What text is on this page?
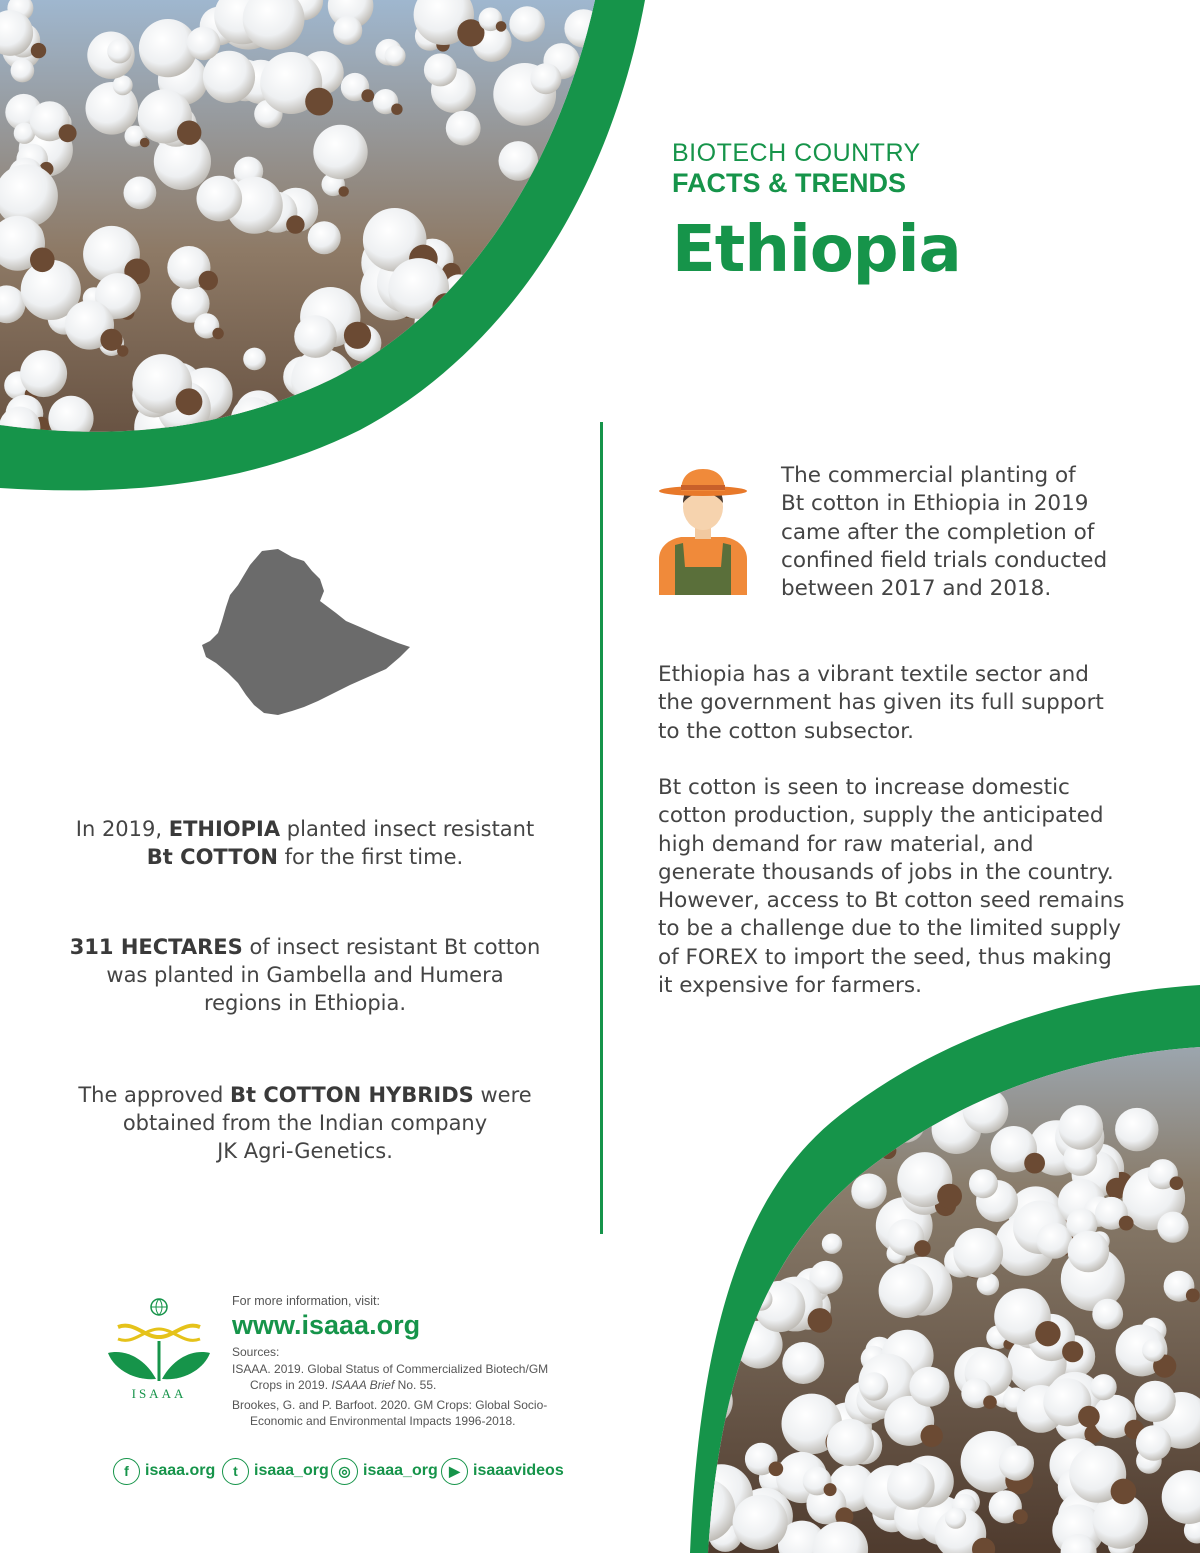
BIOTECH COUNTRY
FACTS & TRENDS
Ethiopia
In 2019, ETHIOPIA planted insect resistant
Bt COTTON for the first time.
311 HECTARES of insect resistant Bt cotton
was planted in Gambella and Humera
regions in Ethiopia.
The approved Bt COTTON HYBRIDS were
obtained from the Indian company
JK Agri-Genetics.
The commercial planting of
Bt cotton in Ethiopia in 2019
came after the completion of
confined field trials conducted
between 2017 and 2018.
Ethiopia has a vibrant textile sector and
the government has given its full support
to the cotton subsector.
Bt cotton is seen to increase domestic
cotton production, supply the anticipated
high demand for raw material, and
generate thousands of jobs in the country.
However, access to Bt cotton seed remains
to be a challenge due to the limited supply
of FOREX to import the seed, thus making
it expensive for farmers.
ISAAA
For more information, visit:
www.isaaa.org
Sources:
ISAAA. 2019. Global Status of Commercialized Biotech/GM
Crops in 2019. ISAAA Brief No. 55.
Brookes, G. and P. Barfoot. 2020. GM Crops: Global Socio-
Economic and Environmental Impacts 1996-2018.
f	isaaa.org	t	isaaa_org ◎ isaaa_org ▶ isaaavideos
